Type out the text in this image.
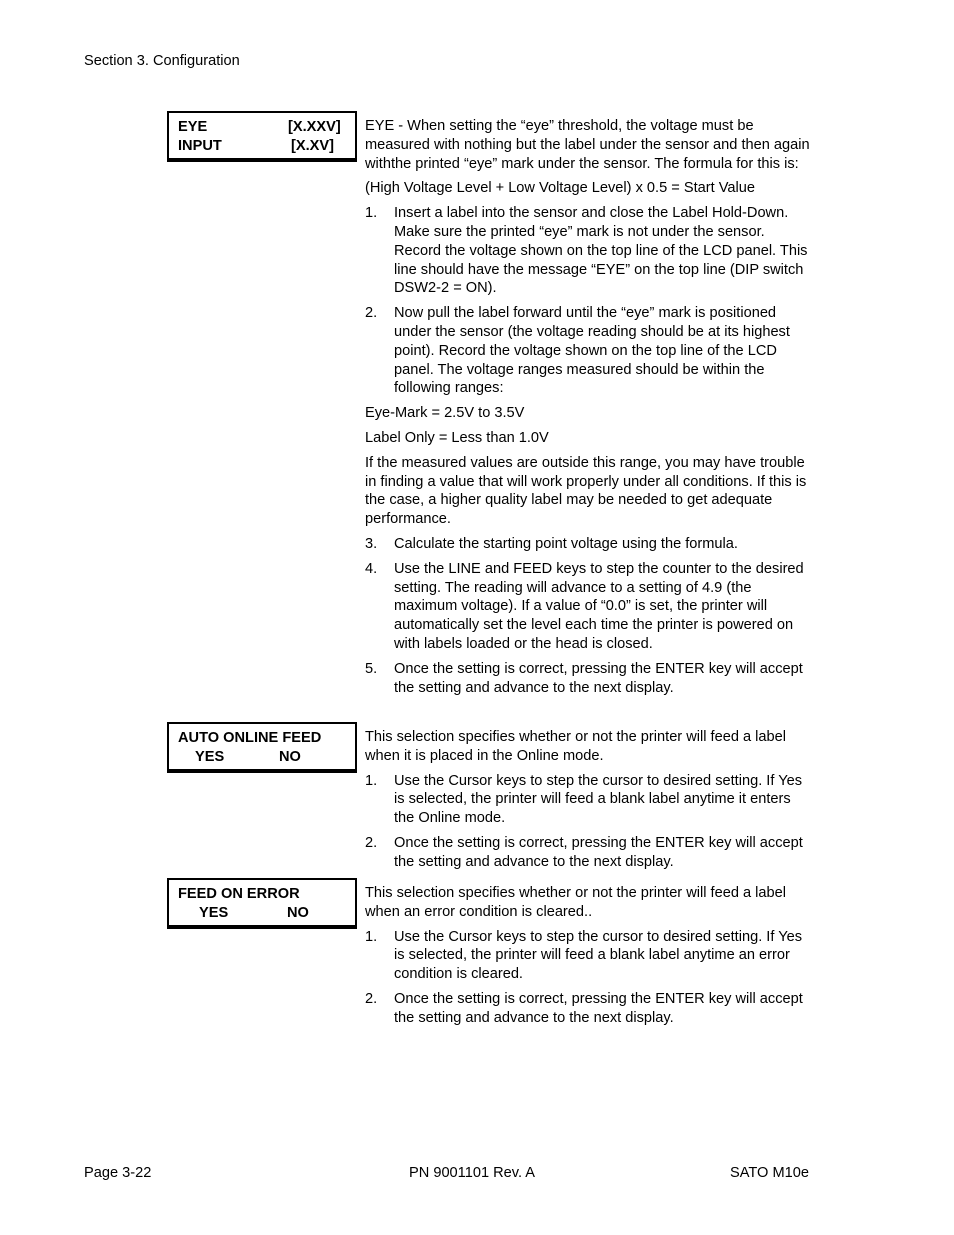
Section 3. Configuration
EYE	[X.XXV]
INPUT	[X.XV]

EYE - When setting the “eye” threshold, the voltage must be measured with nothing but the label under the sensor and then again withthe printed “eye” mark under the sensor. The formula for this is:

(High Voltage Level + Low Voltage Level) x 0.5 = Start Value

1. Insert a label into the sensor and close the Label Hold-Down. Make sure the printed “eye” mark is not under the sensor. Record the voltage shown on the top line of the LCD panel. This line should have the message “EYE” on the top line (DIP switch DSW2-2 = ON).
2. Now pull the label forward until the “eye” mark is positioned under the sensor (the voltage reading should be at its highest point). Record the voltage shown on the top line of the LCD panel. The voltage ranges measured should be within the following ranges:

Eye-Mark = 2.5V to 3.5V

Label Only = Less than 1.0V

If the measured values are outside this range, you may have trouble in finding a value that will work properly under all conditions. If this is the case, a higher quality label may be needed to get adequate performance.

3. Calculate the starting point voltage using the formula.
4. Use the LINE and FEED keys to step the counter to the desired setting. The reading will advance to a setting of 4.9 (the maximum voltage). If a value of “0.0” is set, the printer will automatically set the level each time the printer is powered on with labels loaded or the head is closed.
5. Once the setting is correct, pressing the ENTER key will accept the setting and advance to the next display.
AUTO ONLINE FEED
YES	NO

This selection specifies whether or not the printer will feed a label when it is placed in the Online mode.

1. Use the Cursor keys to step the cursor to desired setting. If Yes is selected, the printer will feed a blank label anytime it enters the Online mode.
2. Once the setting is correct, pressing the ENTER key will accept the setting and advance to the next display.
FEED ON ERROR
YES	NO

This selection specifies whether or not the printer will feed a label when an error condition is cleared..

1. Use the Cursor keys to step the cursor to desired setting. If Yes is selected, the printer will feed a blank label anytime an error condition is cleared.
2. Once the setting is correct, pressing the ENTER key will accept the setting and advance to the next display.
Page 3-22	PN 9001101 Rev. A	SATO M10e
